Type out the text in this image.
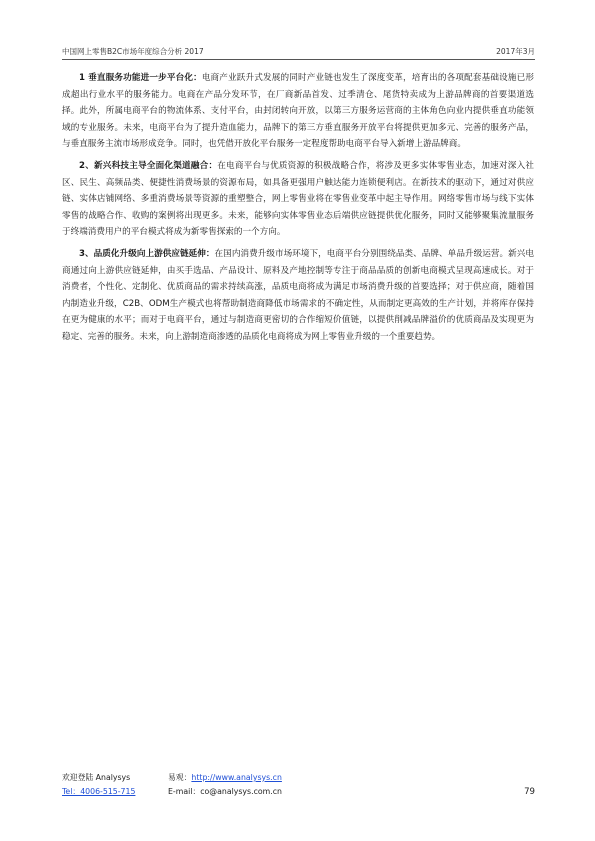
中国网上零售B2C市场年度综合分析 2017	2017年3月

1 垂直服务功能进一步平台化：电商产业跃升式发展的同时产业链也发生了深度变革，培育出的各项配套基础设施已形成超出行业水平的服务能力。电商在产品分发环节，在厂商新品首发、过季清仓、尾货特卖成为上游品牌商的首要渠道选择。此外，所属电商平台的物流体系、支付平台，由封闭转向开放，以第三方服务运营商的主体角色向业内提供垂直功能领域的专业服务。未来，电商平台为了提升造血能力，品牌下的第三方垂直服务开放平台将提供更加多元、完善的服务产品，与垂直服务主流市场形成竞争。同时，也凭借开放化平台服务一定程度帮助电商平台导入新增上游品牌商。

2、新兴科技主导全面化渠道融合：在电商平台与优质资源的积极战略合作，将涉及更多实体零售业态，加速对深入社区、民生、高频品类、便捷性消费场景的资源布局，如具备更强用户触达能力连锁便利店。在新技术的驱动下，通过对供应链、实体店铺网络、多重消费场景等资源的重塑整合，网上零售业将在零售业变革中起主导作用。网络零售市场与线下实体零售的战略合作、收购的案例将出现更多。未来，能够向实体零售业态后端供应链提供优化服务，同时又能够聚集流量服务于终端消费用户的平台模式将成为新零售探索的一个方向。

3、品质化升级向上游供应链延伸：在国内消费升级市场环境下，电商平台分别围绕品类、品牌、单品升级运营。新兴电商通过向上游供应链延伸，由买手选品、产品设计、原料及产地控制等专注于商品品质的创新电商模式呈现高速成长。对于消费者，个性化、定制化、优质商品的需求持续高涨，品质电商将成为满足市场消费升级的首要选择；对于供应商，随着国内制造业升级，C2B、ODM生产模式也将帮助制造商降低市场需求的不确定性，从而制定更高效的生产计划，并将库存保持在更为健康的水平；而对于电商平台，通过与制造商更密切的合作缩短价值链，以提供削减品牌溢价的优质商品及实现更为稳定、完善的服务。未来，向上游制造商渗透的品质化电商将成为网上零售业升级的一个重要趋势。

欢迎登陆 Analysys	易观：http://www.analysys.cn
Tel：4006-515-715	E-mail：co@analysys.com.cn	79
